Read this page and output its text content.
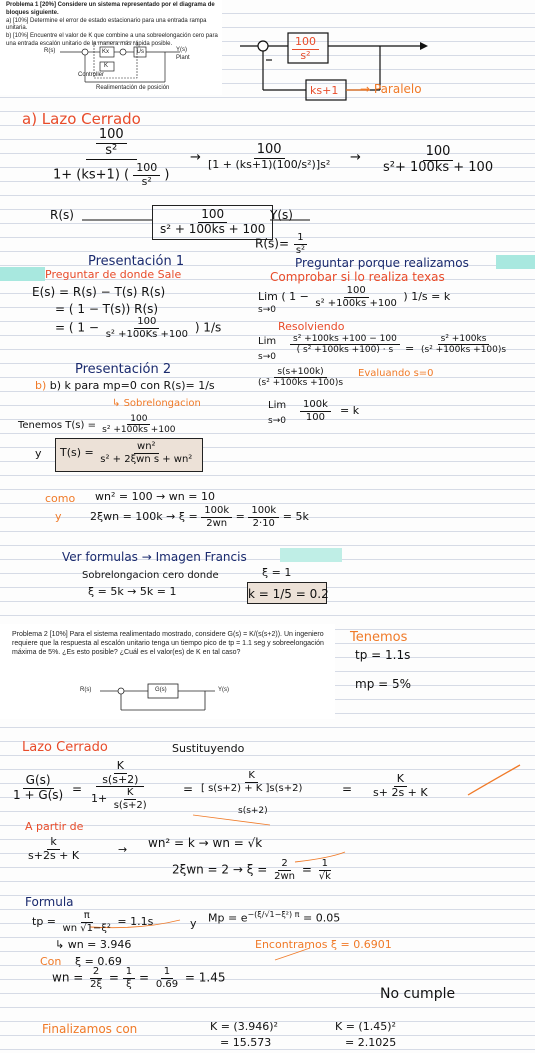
Problema 1 [20%] Considere un sistema representado por el diagrama de bloques siguiente.
a) [10%] Determine el error de estado estacionario para una entrada rampa unitaria.
b) [10%] Encuentre el valor de K que combine a una sobreelongación cero para una entrada escalón unitario de la manera más rápida posible.
R(s)	Y(s)
Plant
Kx	1/s
K
Controller
Realimentación de posición
$\frac{100}{\text{s²}}$
ks+1 → Paralelo
a) Lazo Cerrado
$\frac{\frac{100}{\text{s²}}}{1+ (ks+1) ( \frac{100}{\text{s²}} )}$ →
100
$[1 + (ks+1)(100/s^2)]s^2 \to \frac{100}{\text{s²+ 100ks + 100}}$
R(s)	$\frac{100}{\text{s² + 100ks + 100}}$
Y(s)
$R(s)= \frac{1}{\text{s²}}$
Presentación 1
Preguntar de donde Sale
E(s) = R(s) − T(s) R(s)
= ( 1 − T(s)) R(s)
= ( $1 - \frac{100}{\text{s² +100Ks +100}}$ ) 1/s
Preguntar porque realizamos
Comprobar si lo realiza texas
Lim ( $1 - \frac{100}{\text{s² +100ks +100}}$ ) 1/s = k
s→0
Resolviendo
Lim
s→0
$\frac{\text{s² +100ks +100 − 100}}{\text{( s² +100ks +100) · s}} = \frac{\text{s² +100ks}}{\text{(s² +100ks +100)s}}$
$\frac{s(s+100k)}{\text{(s² +100ks +100)s}}$ Evaluando s=0
Lim
$s\to 0 \frac{100k}{100} = k$
Presentación 2
b) b) k para mp=0 con R(s)= 1/s
↳ Sobrelongacion
Tenemos $T(s) = \frac{100}{\text{s² +100ks +100}}$
y	$T(s) = \frac{\text{wn²}}{\text{s² + 2ξwn s + wn²}}$
como wn² = 100 → wn = 10
y	$2\xi wn = 100k \to \xi = \frac{100k}{2wn} = \frac{100k}{2\cdot 10} = 5k$
Ver formulas → Imagen Francis
Sobrelongacion cero donde	ξ = 1
ξ = 5k → 5k = 1	k = 1/5 = 0.2
Problema 2 [10%] Para el sistema realimentado mostrado, considere G(s) = K/(s(s+2)). Un ingeniero requiere que la respuesta al escalón unitario tenga un tiempo pico de tp = 1.1 seg y sobreelongación máxima de 5%. ¿Es esto posible? ¿Cuál es el valor(es) de K en tal caso?
R(s)	G(s)	Y(s)
Tenemos
tp = 1.1s
mp = 5%
Lazo Cerrado	Sustituyendo
$\frac{G(s)}{1 + G(s)} = \frac{\frac{K}{s(s+2)}}{1+ \frac{K}{s(s+2)}}$	= $\frac{K}{[ s(s+2) + K ]s(s+2)}$
s(s+2)
= $\frac{K}{s+ 2s + K}$
A partir de
$\frac{k}{s+2s + K}$	→ wn² = k → wn = √k
$2\xi wn = 2 \to \xi = \frac{2}{2wn} = \frac{1}{√k}$
Formula
tp = $\frac{\pi}{\text{wn √1−ξ²}} = 1.1s$	y $Mp = e^{-(\xi/√1-\xi^2) \pi} = 0.05$
↳ wn = 3.946	Encontramos ξ = 0.6901
Con ξ = 0.69
wn = $\frac{2}{2\xi} = \frac{1}{\xi} = \frac{1}{0.69} = 1.45$
No cumple
Finalizamos con	K = (3.946)²
= 15.573
K = (1.45)²
= 2.1025
